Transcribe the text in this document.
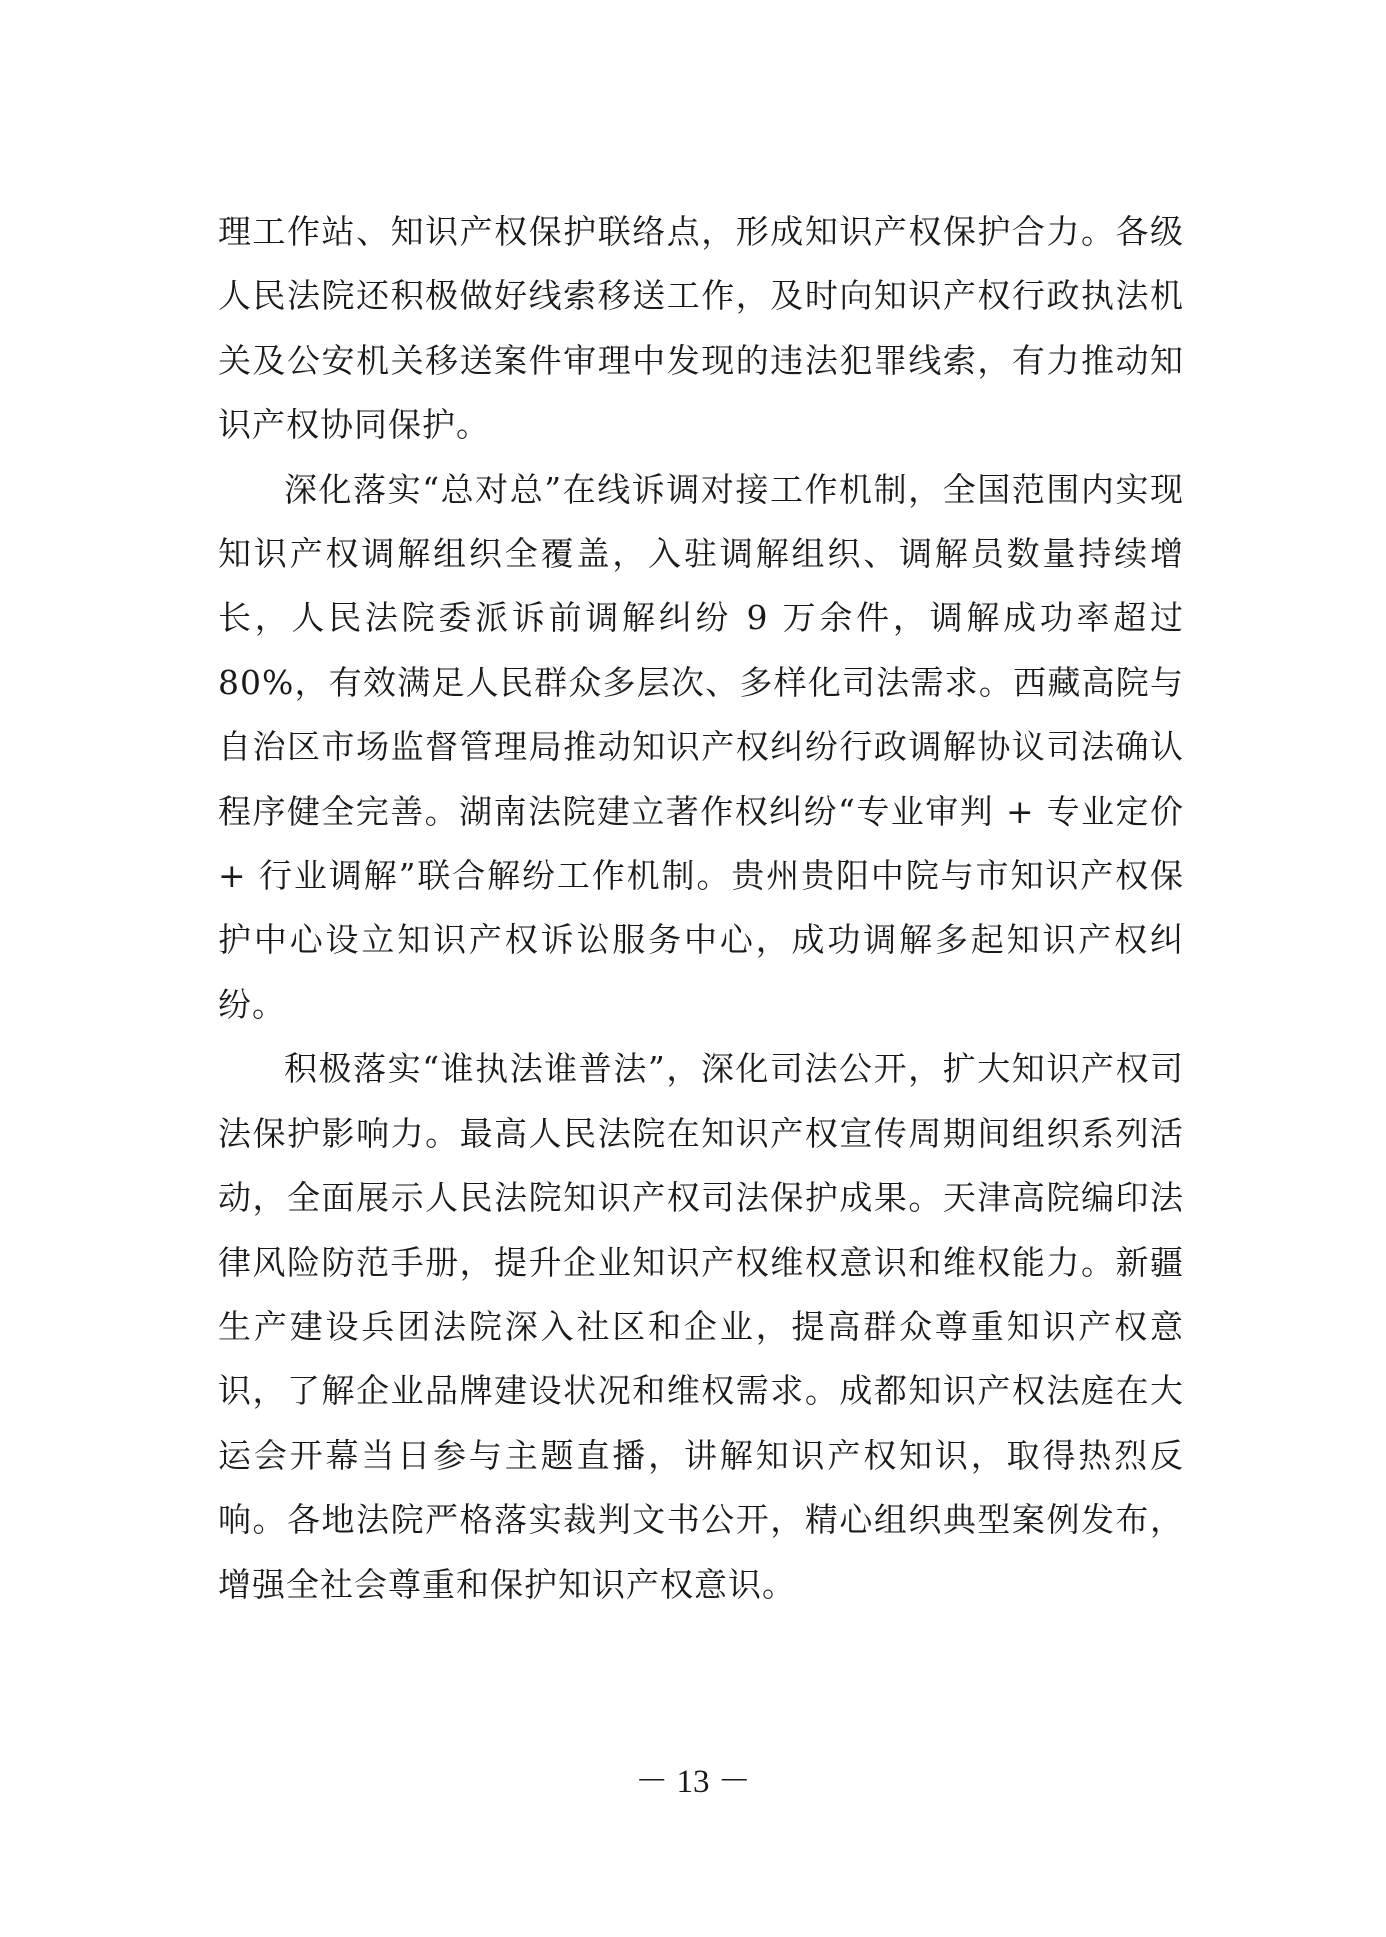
理工作站、知识产权保护联络点，形成知识产权保护合力。各级人民法院还积极做好线索移送工作，及时向知识产权行政执法机关及公安机关移送案件审理中发现的违法犯罪线索，有力推动知识产权协同保护。

深化落实“总对总”在线诉调对接工作机制，全国范围内实现知识产权调解组织全覆盖，入驻调解组织、调解员数量持续增长，人民法院委派诉前调解纠纷 9 万余件，调解成功率超过 80%，有效满足人民群众多层次、多样化司法需求。西藏高院与自治区市场监督管理局推动知识产权纠纷行政调解协议司法确认程序健全完善。湖南法院建立著作权纠纷“专业审判 + 专业定价 + 行业调解”联合解纷工作机制。贵州贵阳中院与市知识产权保护中心设立知识产权诉讼服务中心，成功调解多起知识产权纠纷。

积极落实“谁执法谁普法”，深化司法公开，扩大知识产权司法保护影响力。最高人民法院在知识产权宣传周期间组织系列活动，全面展示人民法院知识产权司法保护成果。天津高院编印法律风险防范手册，提升企业知识产权维权意识和维权能力。新疆生产建设兵团法院深入社区和企业，提高群众尊重知识产权意识，了解企业品牌建设状况和维权需求。成都知识产权法庭在大运会开幕当日参与主题直播，讲解知识产权知识，取得热烈反响。各地法院严格落实裁判文书公开，精心组织典型案例发布，增强全社会尊重和保护知识产权意识。

－ 13 －
